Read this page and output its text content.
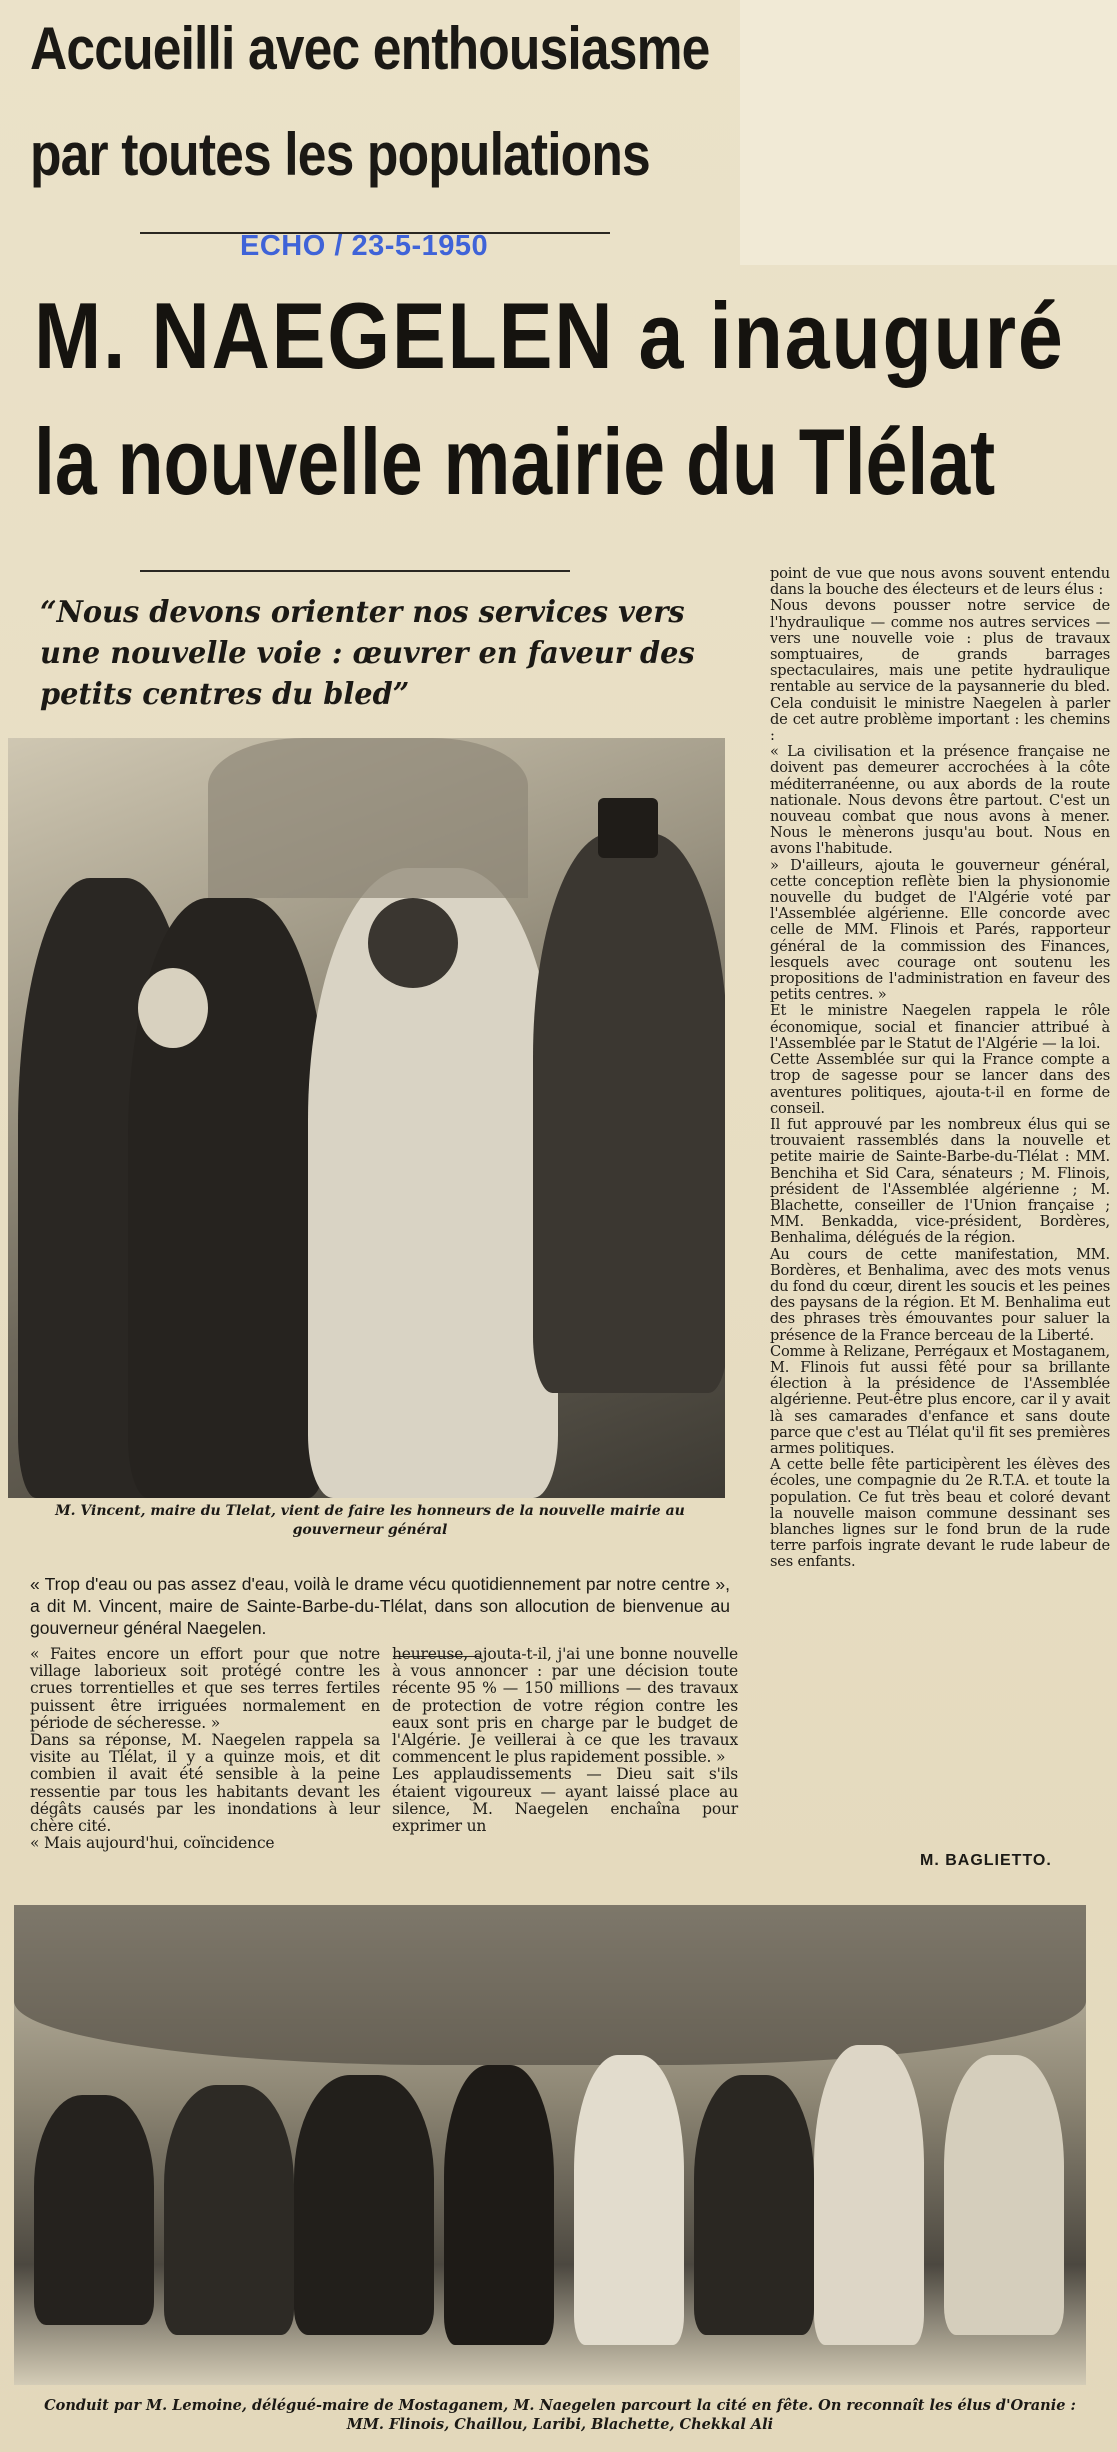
Accueilli avec enthousiasme
par toutes les populations
ECHO / 23-5-1950
M. NAEGELEN a inauguré
la nouvelle mairie du Tlélat
“Nous devons orienter nos services vers une nouvelle voie : œuvrer en faveur des petits centres du bled”
M. Vincent, maire du Tlelat, vient de faire les honneurs de la nouvelle mairie au gouverneur général
« Trop d'eau ou pas assez d'eau, voilà le drame vécu quotidiennement par notre centre », a dit M. Vincent, maire de Sainte-Barbe-du-Tlélat, dans son allocution de bienvenue au gouverneur général Naegelen.
« Faites encore un effort pour que notre village laborieux soit protégé contre les crues torrentielles et que ses terres fertiles puissent être irriguées normalement en période de sécheresse. »
Dans sa réponse, M. Naegelen rappela sa visite au Tlélat, il y a quinze mois, et dit combien il avait été sensible à la peine ressentie par tous les habitants devant les dégâts causés par les inondations à leur chère cité.
« Mais aujourd'hui, coïncidence
heureuse, ajouta-t-il, j'ai une bonne nouvelle à vous annoncer : par une décision toute récente 95 % — 150 millions — des travaux de protection de votre région contre les eaux sont pris en charge par le budget de l'Algérie. Je veillerai à ce que les travaux commencent le plus rapidement possible. »
Les applaudissements — Dieu sait s'ils étaient vigoureux — ayant laissé place au silence, M. Naegelen enchaîna pour exprimer un
point de vue que nous avons souvent entendu dans la bouche des électeurs et de leurs élus :
Nous devons pousser notre service de l'hydraulique — comme nos autres services — vers une nouvelle voie : plus de travaux somptuaires, de grands barrages spectaculaires, mais une petite hydraulique rentable au service de la paysannerie du bled. Cela conduisit le ministre Naegelen à parler de cet autre problème important : les chemins :
« La civilisation et la présence française ne doivent pas demeurer accrochées à la côte méditerranéenne, ou aux abords de la route nationale. Nous devons être partout. C'est un nouveau combat que nous avons à mener. Nous le mènerons jusqu'au bout. Nous en avons l'habitude.
» D'ailleurs, ajouta le gouverneur général, cette conception reflète bien la physionomie nouvelle du budget de l'Algérie voté par l'Assemblée algérienne. Elle concorde avec celle de MM. Flinois et Parés, rapporteur général de la commission des Finances, lesquels avec courage ont soutenu les propositions de l'administration en faveur des petits centres. »
Et le ministre Naegelen rappela le rôle économique, social et financier attribué à l'Assemblée par le Statut de l'Algérie — la loi.
Cette Assemblée sur qui la France compte a trop de sagesse pour se lancer dans des aventures politiques, ajouta-t-il en forme de conseil.
Il fut approuvé par les nombreux élus qui se trouvaient rassemblés dans la nouvelle et petite mairie de Sainte-Barbe-du-Tlélat : MM. Benchiha et Sid Cara, sénateurs ; M. Flinois, président de l'Assemblée algérienne ; M. Blachette, conseiller de l'Union française ; MM. Benkadda, vice-président, Bordères, Benhalima, délégués de la région.
Au cours de cette manifestation, MM. Bordères, et Benhalima, avec des mots venus du fond du cœur, dirent les soucis et les peines des paysans de la région. Et M. Benhalima eut des phrases très émouvantes pour saluer la présence de la France berceau de la Liberté.
Comme à Relizane, Perrégaux et Mostaganem, M. Flinois fut aussi fêté pour sa brillante élection à la présidence de l'Assemblée algérienne. Peut-être plus encore, car il y avait là ses camarades d'enfance et sans doute parce que c'est au Tlélat qu'il fit ses premières armes politiques.
A cette belle fête participèrent les élèves des écoles, une compagnie du 2e R.T.A. et toute la population. Ce fut très beau et coloré devant la nouvelle maison commune dessinant ses blanches lignes sur le fond brun de la rude terre parfois ingrate devant le rude labeur de ses enfants.
M. BAGLIETTO.
Conduit par M. Lemoine, délégué-maire de Mostaganem, M. Naegelen parcourt la cité en fête. On reconnaît les élus d'Oranie : MM. Flinois, Chaillou, Laribi, Blachette, Chekkal Ali
